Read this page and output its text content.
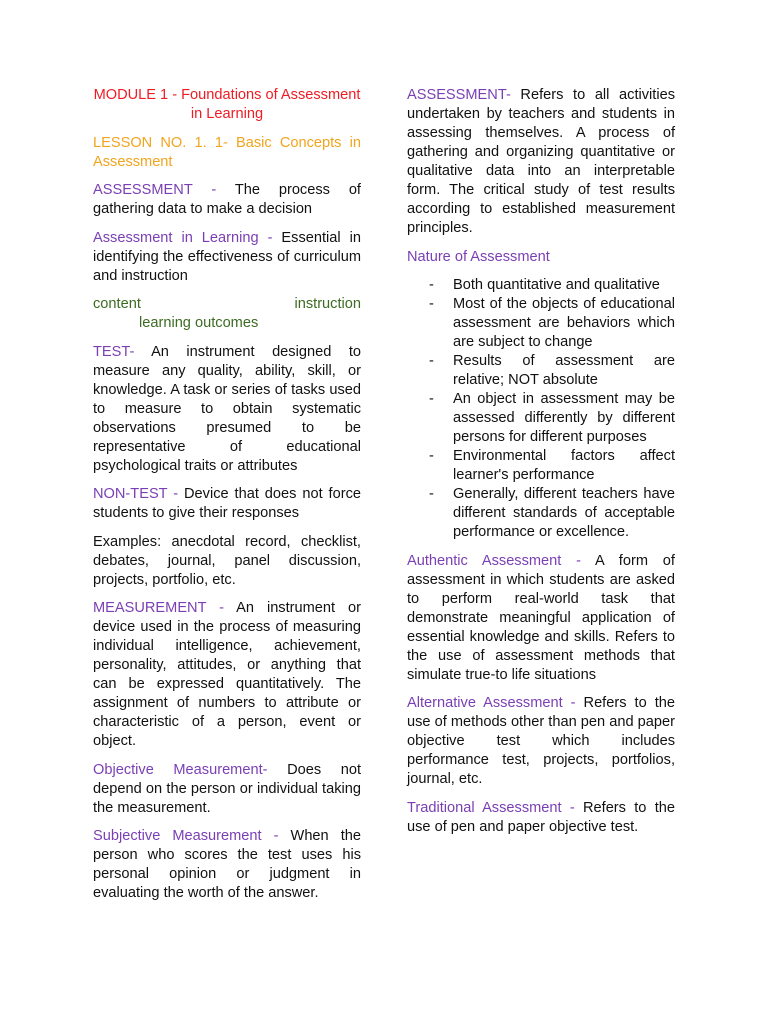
MODULE 1 - Foundations of Assessment in Learning

LESSON NO. 1. 1- Basic Concepts in Assessment

ASSESSMENT - The process of gathering data to make a decision

Assessment in Learning - Essential in identifying the effectiveness of curriculum and instruction

content	instruction
learning outcomes

TEST- An instrument designed to measure any quality, ability, skill, or knowledge. A task or series of tasks used to measure to obtain systematic observations presumed to be representative of educational psychological traits or attributes

NON-TEST - Device that does not force students to give their responses

Examples: anecdotal record, checklist, debates, journal, panel discussion, projects, portfolio, etc.

MEASUREMENT - An instrument or device used in the process of measuring individual intelligence, achievement, personality, attitudes, or anything that can be expressed quantitatively. The assignment of numbers to attribute or characteristic of a person, event or object.

Objective Measurement- Does not depend on the person or individual taking the measurement.

Subjective Measurement - When the person who scores the test uses his personal opinion or judgment in evaluating the worth of the answer.

ASSESSMENT- Refers to all activities undertaken by teachers and students in assessing themselves. A process of gathering and organizing quantitative or qualitative data into an interpretable form. The critical study of test results according to established measurement principles.

Nature of Assessment

- Both quantitative and qualitative
- Most of the objects of educational assessment are behaviors which are subject to change
- Results of assessment are relative; NOT absolute
- An object in assessment may be assessed differently by different persons for different purposes
- Environmental factors affect learner's performance
- Generally, different teachers have different standards of acceptable performance or excellence.

Authentic Assessment - A form of assessment in which students are asked to perform real-world task that demonstrate meaningful application of essential knowledge and skills. Refers to the use of assessment methods that simulate true-to life situations

Alternative Assessment - Refers to the use of methods other than pen and paper objective test which includes performance test, projects, portfolios, journal, etc.

Traditional Assessment - Refers to the use of pen and paper objective test.
